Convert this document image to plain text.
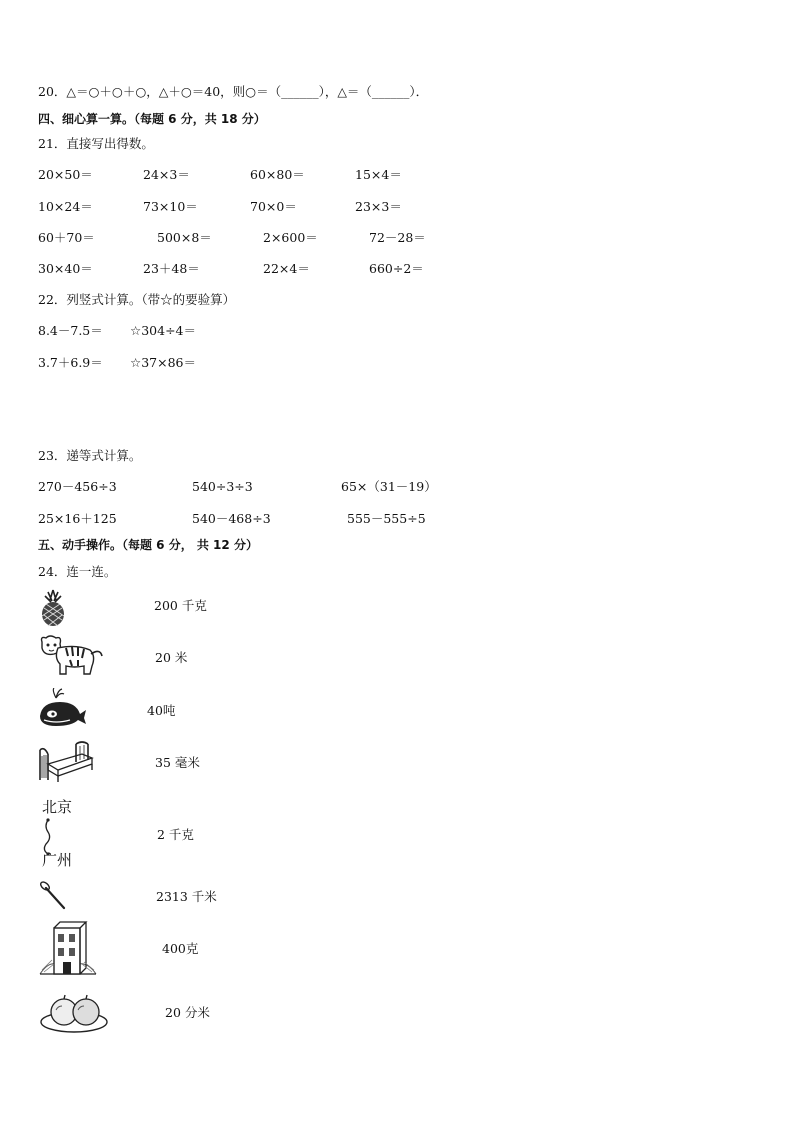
20．△＝○＋○＋○，△＋○＝40，则○＝（______），△＝（______）．
四、细心算一算。（每题 6 分，共 18 分）
21．直接写出得数。
20×50＝	24×3＝	60×80＝	15×4＝
10×24＝	73×10＝	70×0＝	23×3＝
60＋70＝	500×8＝	2×600＝	72－28＝
30×40＝	23＋48＝	22×4＝	660÷2＝
22．列竖式计算。（带☆的要验算）
8.4－7.5＝ ☆304÷4＝
3.7＋6.9＝ ☆37×86＝
23．递等式计算。
270－456÷3	540÷3÷3	65×（31－19）
25×16＋125	540－468÷3	555－555÷5
五、动手操作。（每题 6 分， 共 12 分）
24．连一连。
200 千克
20 米
40吨
35 毫米
北京
广州
2 千克
2313 千米
400克
20 分米
